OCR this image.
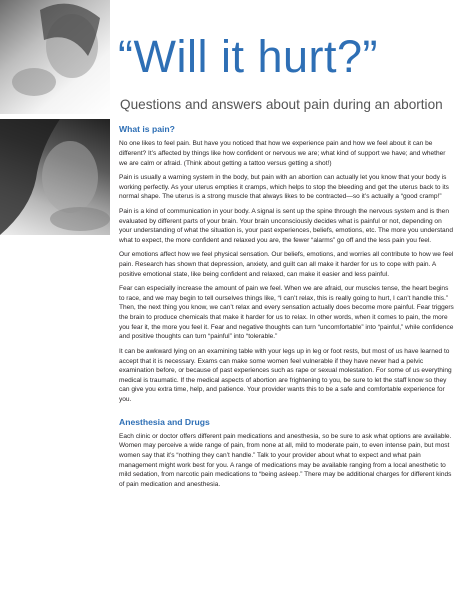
“Will it hurt?”
Questions and answers about pain during an abortion
What is pain?

No one likes to feel pain. But have you noticed that how we experience pain and how we feel about it can be different? It’s affected by things like how confident or nervous we are; what kind of support we have; and whether we are calm or afraid. (Think about getting a tattoo versus getting a shot!)

Pain is usually a warning system in the body, but pain with an abortion can actually let you know that your body is working perfectly. As your uterus empties it cramps, which helps to stop the bleeding and get the uterus back to its normal shape. The uterus is a strong muscle that always likes to be contracted—so it’s actually a “good cramp!”

Pain is a kind of communication in your body. A signal is sent up the spine through the nervous system and is then evaluated by different parts of your brain. Your brain unconsciously decides what is painful or not, depending on your understanding of what the situation is, your past experiences, beliefs, emotions, etc. The more you understand what to expect, the more confident and relaxed you are, the fewer “alarms” go off and the less pain you feel.

Our emotions affect how we feel physical sensation. Our beliefs, emotions, and worries all contribute to how we feel pain. Research has shown that depression, anxiety, and guilt can all make it harder for us to cope with pain. A positive emotional state, like being confident and relaxed, can make it easier and less painful.

Fear can especially increase the amount of pain we feel. When we are afraid, our muscles tense, the heart begins to race, and we may begin to tell ourselves things like, “I can’t relax, this is really going to hurt, I can’t handle this.” Then, the next thing you know, we can’t relax and every sensation actually does become more painful. Fear triggers the brain to produce chemicals that make it harder for us to relax. In other words, when it comes to pain, the more you fear it, the more you feel it. Fear and negative thoughts can turn “uncomfortable” into “painful,” while confidence and positive thoughts can turn “painful” into “tolerable.”

It can be awkward lying on an examining table with your legs up in leg or foot rests, but most of us have learned to accept that it is necessary. Exams can make some women feel vulnerable if they have never had a pelvic examination before, or because of past experiences such as rape or sexual molestation. For some of us everything medical is traumatic. If the medical aspects of abortion are frightening to you, be sure to let the staff know so they can give you extra time, help, and patience. Your provider wants this to be a safe and comfortable experience for you.

Anesthesia and Drugs

Each clinic or doctor offers different pain medications and anesthesia, so be sure to ask what options are available. Women may perceive a wide range of pain, from none at all, mild to moderate pain, to even intense pain, but most women say that it’s “nothing they can’t handle.” Talk to your provider about what to expect and what pain management might work best for you. A range of medications may be available ranging from a local anesthetic to mild sedation, from narcotic pain medications to “being asleep.” There may be additional charges for different kinds of pain medication and anesthesia.
